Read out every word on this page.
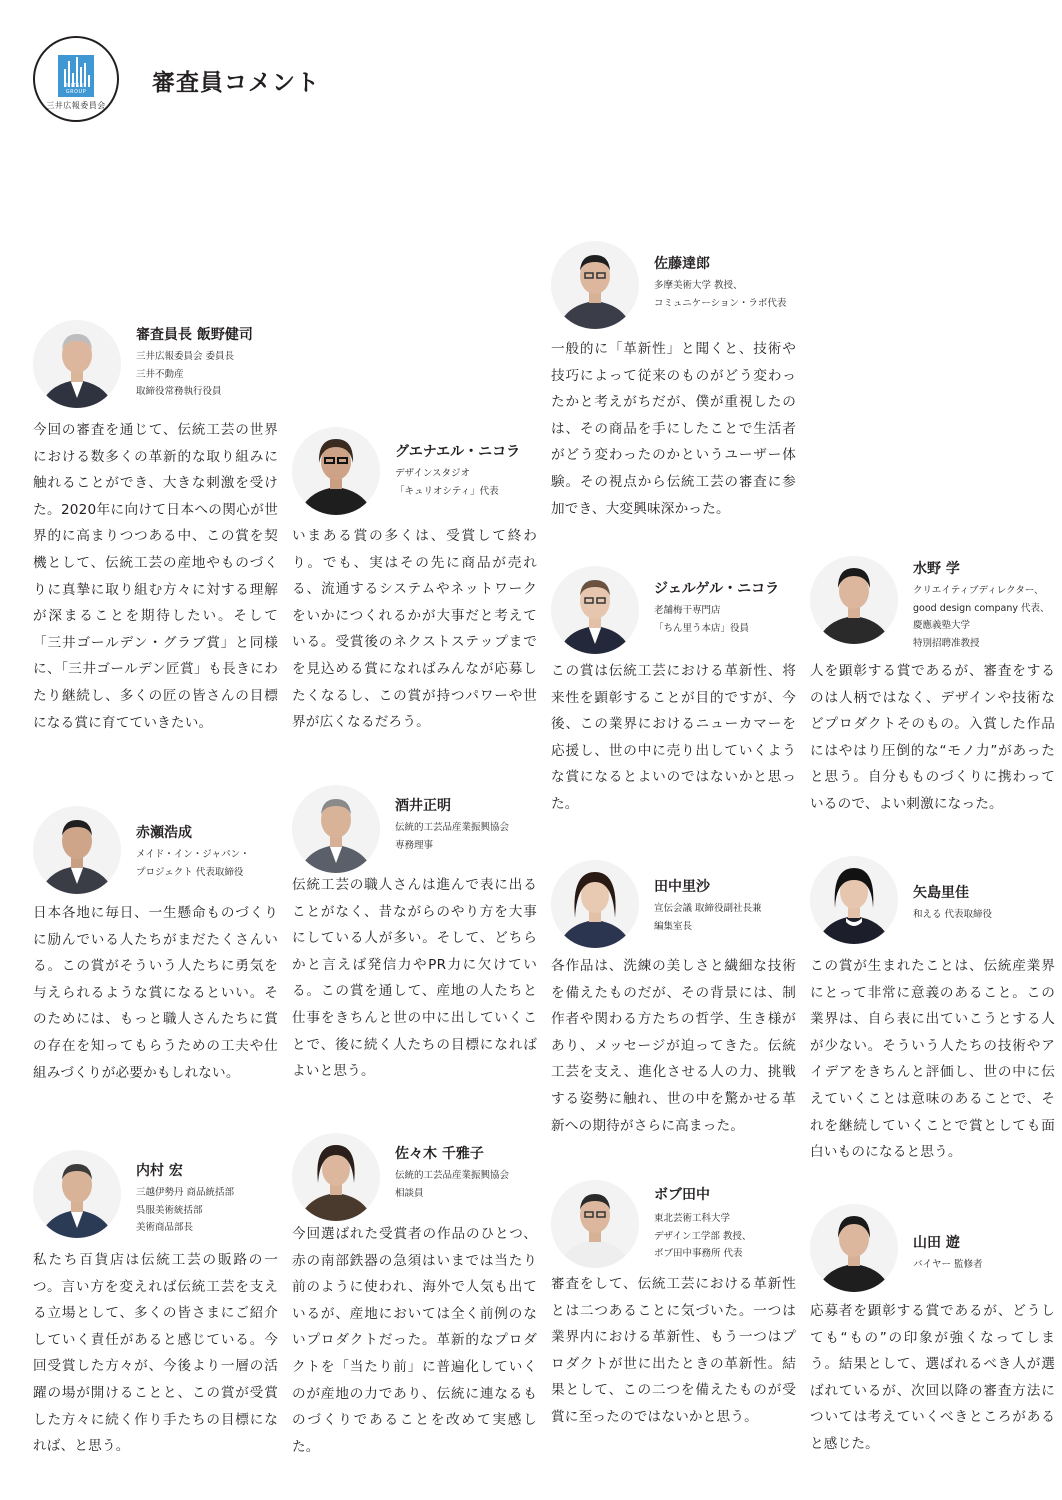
MITSUI GROUP
三井広報委員会
審査員コメント
審査員長 飯野健司
三井広報委員会 委員長
三井不動産
取締役常務執行役員

今回の審査を通じて、伝統工芸の世界における数多くの革新的な取り組みに触れることができ、大きな刺激を受けた。2020年に向けて日本への関心が世界的に高まりつつある中、この賞を契機として、伝統工芸の産地やものづくりに真摯に取り組む方々に対する理解が深まることを期待したい。そして「三井ゴールデン・グラブ賞」と同様に、「三井ゴールデン匠賞」も長きにわたり継続し、多くの匠の皆さんの目標になる賞に育てていきたい。

赤瀬浩成
メイド・イン・ジャパン・
プロジェクト 代表取締役

日本各地に毎日、一生懸命ものづくりに励んでいる人たちがまだたくさんいる。この賞がそういう人たちに勇気を与えられるような賞になるといい。そのためには、もっと職人さんたちに賞の存在を知ってもらうための工夫や仕組みづくりが必要かもしれない。

内村 宏
三越伊勢丹 商品統括部
呉服美術統括部
美術商品部長

私たち百貨店は伝統工芸の販路の一つ。言い方を変えれば伝統工芸を支える立場として、多くの皆さまにご紹介していく責任があると感じている。今回受賞した方々が、今後より一層の活躍の場が開けることと、この賞が受賞した方々に続く作り手たちの目標になれば、と思う。

グエナエル・ニコラ
デザインスタジオ
「キュリオシティ」代表

いまある賞の多くは、受賞して終わり。でも、実はその先に商品が売れる、流通するシステムやネットワークをいかにつくれるかが大事だと考えている。受賞後のネクストステップまでを見込める賞になればみんなが応募したくなるし、この賞が持つパワーや世界が広くなるだろう。

酒井正明
伝統的工芸品産業振興協会
専務理事

伝統工芸の職人さんは進んで表に出ることがなく、昔ながらのやり方を大事にしている人が多い。そして、どちらかと言えば発信力やPR力に欠けている。この賞を通して、産地の人たちと仕事をきちんと世の中に出していくことで、後に続く人たちの目標になればよいと思う。

佐々木 千雅子
伝統的工芸品産業振興協会
相談員

今回選ばれた受賞者の作品のひとつ、赤の南部鉄器の急須はいまでは当たり前のように使われ、海外で人気も出ているが、産地においては全く前例のないプロダクトだった。革新的なプロダクトを「当たり前」に普遍化していくのが産地の力であり、伝統に連なるものづくりであることを改めて実感した。

佐藤達郎
多摩美術大学 教授、
コミュニケーション・ラボ代表

一般的に「革新性」と聞くと、技術や技巧によって従来のものがどう変わったかと考えがちだが、僕が重視したのは、その商品を手にしたことで生活者がどう変わったのかというユーザー体験。その視点から伝統工芸の審査に参加でき、大変興味深かった。

ジェルゲル・ニコラ
老舗梅干専門店
「ちん里う本店」役員

この賞は伝統工芸における革新性、将来性を顕彰することが目的ですが、今後、この業界におけるニューカマーを応援し、世の中に売り出していくような賞になるとよいのではないかと思った。

田中里沙
宣伝会議 取締役副社長兼
編集室長

各作品は、洗練の美しさと繊細な技術を備えたものだが、その背景には、制作者や関わる方たちの哲学、生き様があり、メッセージが迫ってきた。伝統工芸を支え、進化させる人の力、挑戦する姿勢に触れ、世の中を驚かせる革新への期待がさらに高まった。

ボブ田中
東北芸術工科大学
デザイン工学部 教授、
ボブ田中事務所 代表

審査をして、伝統工芸における革新性とは二つあることに気づいた。一つは業界内における革新性、もう一つはプロダクトが世に出たときの革新性。結果として、この二つを備えたものが受賞に至ったのではないかと思う。

水野 学
クリエイティブディレクター、
good design company 代表、
慶應義塾大学
特別招聘准教授

人を顕彰する賞であるが、審査をするのは人柄ではなく、デザインや技術などプロダクトそのもの。入賞した作品にはやはり圧倒的な“モノ力”があったと思う。自分もものづくりに携わっているので、よい刺激になった。

矢島里佳
和える 代表取締役

この賞が生まれたことは、伝統産業界にとって非常に意義のあること。この業界は、自ら表に出ていこうとする人が少ない。そういう人たちの技術やアイデアをきちんと評価し、世の中に伝えていくことは意味のあることで、それを継続していくことで賞としても面白いものになると思う。

山田 遊
バイヤー 監修者

応募者を顕彰する賞であるが、どうしても“もの”の印象が強くなってしまう。結果として、選ばれるべき人が選ばれているが、次回以降の審査方法については考えていくべきところがあると感じた。
